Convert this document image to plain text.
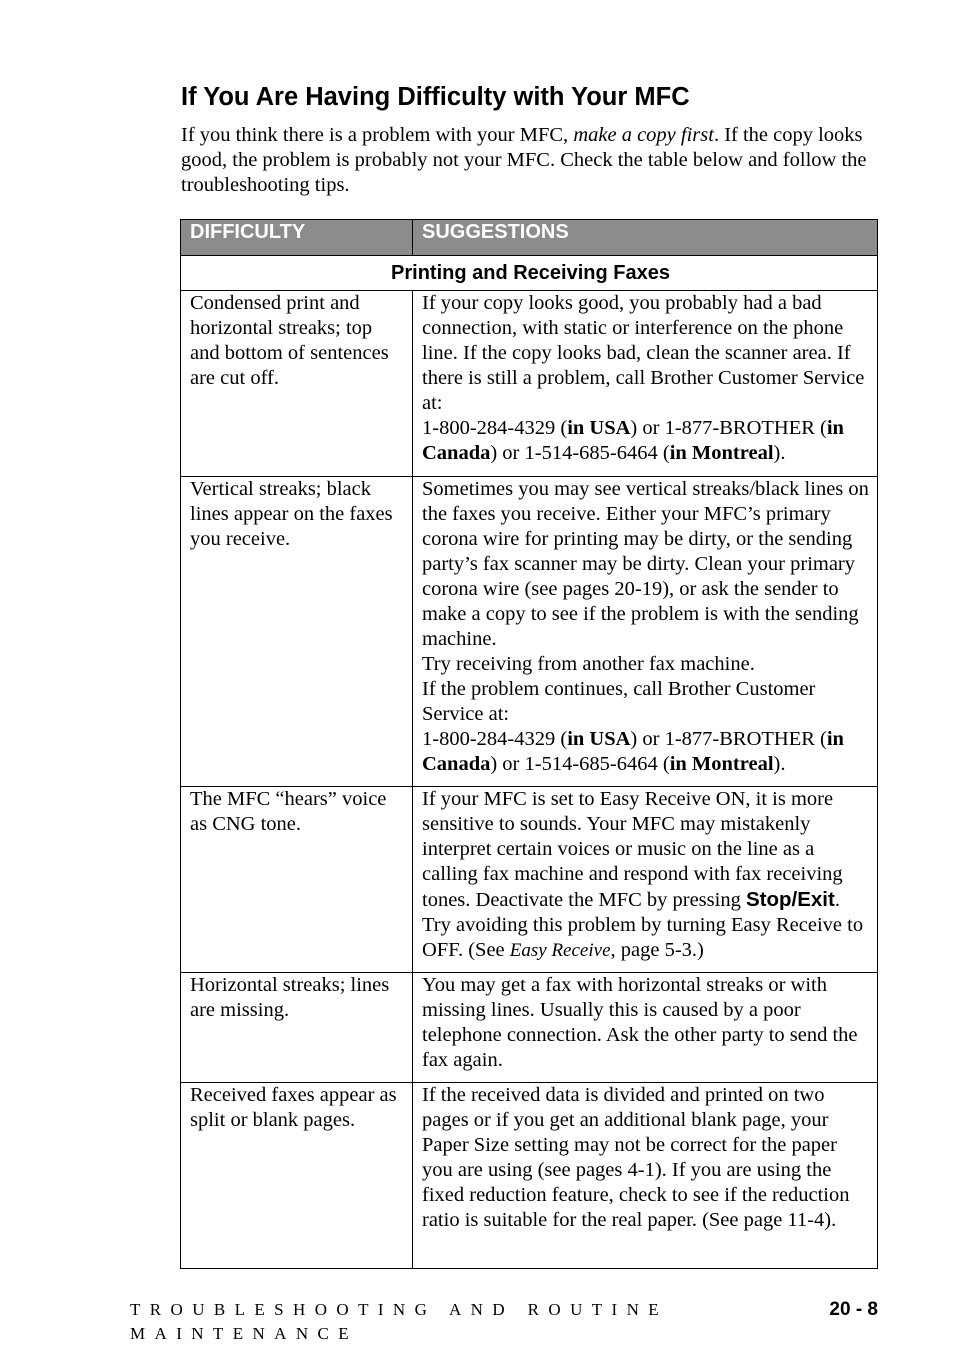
If You Are Having Difficulty with Your MFC

If you think there is a problem with your MFC, make a copy first. If the copy looks good, the problem is probably not your MFC. Check the table below and follow the troubleshooting tips.

DIFFICULTY	SUGGESTIONS
Printing and Receiving Faxes	
Condensed print and horizontal streaks; top and bottom of sentences are cut off.	If your copy looks good, you probably had a bad connection, with static or interference on the phone line. If the copy looks bad, clean the scanner area. If there is still a problem, call Brother Customer Service at:
1-800-284-4329 (in USA) or 1-877-BROTHER (in Canada) or 1-514-685-6464 (in Montreal).
Vertical streaks; black lines appear on the faxes you receive.	Sometimes you may see vertical streaks/black lines on the faxes you receive. Either your MFC’s primary corona wire for printing may be dirty, or the sending party’s fax scanner may be dirty. Clean your primary corona wire (see pages 20-19), or ask the sender to make a copy to see if the problem is with the sending machine.
Try receiving from another fax machine.
If the problem continues, call Brother Customer Service at:
1-800-284-4329 (in USA) or 1-877-BROTHER (in Canada) or 1-514-685-6464 (in Montreal).
The MFC “hears” voice as CNG tone.	If your MFC is set to Easy Receive ON, it is more sensitive to sounds. Your MFC may mistakenly interpret certain voices or music on the line as a calling fax machine and respond with fax receiving tones. Deactivate the MFC by pressing Stop/Exit. Try avoiding this problem by turning Easy Receive to OFF. (See Easy Receive, page 5-3.)
Horizontal streaks; lines are missing.	You may get a fax with horizontal streaks or with missing lines. Usually this is caused by a poor telephone connection. Ask the other party to send the fax again.
Received faxes appear as split or blank pages.	If the received data is divided and printed on two pages or if you get an additional blank page, your Paper Size setting may not be correct for the paper you are using (see pages 4-1). If you are using the fixed reduction feature, check to see if the reduction ratio is suitable for the real paper. (See page 11-4).
TROUBLESHOOTING AND ROUTINE MAINTENANCE
20 - 8
